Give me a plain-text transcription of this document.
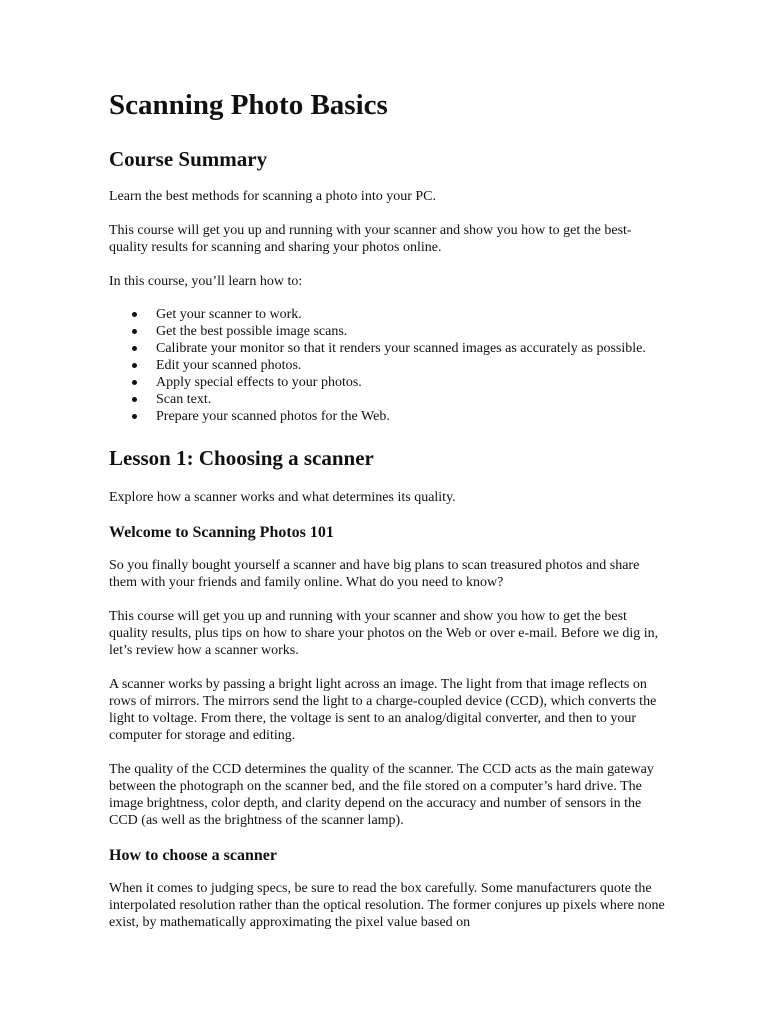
Scanning Photo Basics
Course Summary

Learn the best methods for scanning a photo into your PC.

This course will get you up and running with your scanner and show you how to get the best-quality results for scanning and sharing your photos online.

In this course, you’ll learn how to:

Get your scanner to work.
Get the best possible image scans.
Calibrate your monitor so that it renders your scanned images as accurately as possible.
Edit your scanned photos.
Apply special effects to your photos.
Scan text.
Prepare your scanned photos for the Web.
Lesson 1: Choosing a scanner

Explore how a scanner works and what determines its quality.

Welcome to Scanning Photos 101

So you finally bought yourself a scanner and have big plans to scan treasured photos and share them with your friends and family online. What do you need to know?

This course will get you up and running with your scanner and show you how to get the best quality results, plus tips on how to share your photos on the Web or over e-mail. Before we dig in, let’s review how a scanner works.

A scanner works by passing a bright light across an image. The light from that image reflects on rows of mirrors. The mirrors send the light to a charge-coupled device (CCD), which converts the light to voltage. From there, the voltage is sent to an analog/digital converter, and then to your computer for storage and editing.

The quality of the CCD determines the quality of the scanner. The CCD acts as the main gateway between the photograph on the scanner bed, and the file stored on a computer’s hard drive. The image brightness, color depth, and clarity depend on the accuracy and number of sensors in the CCD (as well as the brightness of the scanner lamp).

How to choose a scanner

When it comes to judging specs, be sure to read the box carefully. Some manufacturers quote the interpolated resolution rather than the optical resolution. The former conjures up pixels where none exist, by mathematically approximating the pixel value based on
